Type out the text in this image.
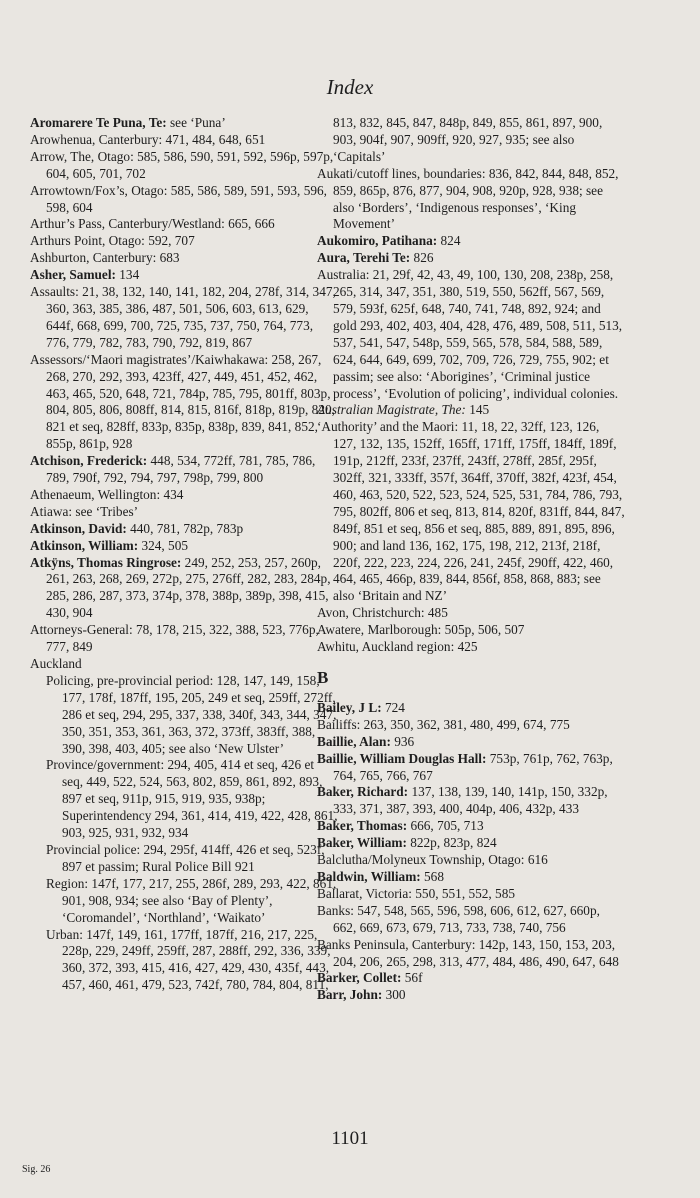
Index
Aromarere Te Puna, Te: see ‘Puna’
Arowhenua, Canterbury: 471, 484, 648, 651
Arrow, The, Otago: 585, 586, 590, 591, 592, 596p, 597p, 604, 605, 701, 702
Arrowtown/Fox’s, Otago: 585, 586, 589, 591, 593, 596, 598, 604
Arthur’s Pass, Canterbury/Westland: 665, 666
Arthurs Point, Otago: 592, 707
Ashburton, Canterbury: 683
Asher, Samuel: 134
Assaults: 21, 38, 132, 140, 141, 182, 204, 278f, 314, 347, 360, 363, 385, 386, 487, 501, 506, 603, 613, 629, 644f, 668, 699, 700, 725, 735, 737, 750, 764, 773, 776, 779, 782, 783, 790, 792, 819, 867
Assessors/‘Maori magistrates’/Kaiwhakawa: 258, 267, 268, 270, 292, 393, 423ff, 427, 449, 451, 452, 462, 463, 465, 520, 648, 721, 784p, 785, 795, 801ff, 803p, 804, 805, 806, 808ff, 814, 815, 816f, 818p, 819p, 820, 821 et seq, 828ff, 833p, 835p, 838p, 839, 841, 852, 855p, 861p, 928
Atchison, Frederick: 448, 534, 772ff, 781, 785, 786, 789, 790f, 792, 794, 797, 798p, 799, 800
Athenaeum, Wellington: 434
Atiawa: see ‘Tribes’
Atkinson, David: 440, 781, 782p, 783p
Atkinson, William: 324, 505
Atkÿns, Thomas Ringrose: 249, 252, 253, 257, 260p, 261, 263, 268, 269, 272p, 275, 276ff, 282, 283, 284p, 285, 286, 287, 373, 374p, 378, 388p, 389p, 398, 415, 430, 904
Attorneys-General: 78, 178, 215, 322, 388, 523, 776p, 777, 849
Auckland
Policing, pre-provincial period: 128, 147, 149, 158, 177, 178f, 187ff, 195, 205, 249 et seq, 259ff, 272ff, 286 et seq, 294, 295, 337, 338, 340f, 343, 344, 347, 350, 351, 353, 361, 363, 372, 373ff, 383ff, 388, 390, 398, 403, 405; see also ‘New Ulster’
Province/government: 294, 405, 414 et seq, 426 et seq, 449, 522, 524, 563, 802, 859, 861, 892, 893, 897 et seq, 911p, 915, 919, 935, 938p; Superintendency 294, 361, 414, 419, 422, 428, 861, 903, 925, 931, 932, 934
Provincial police: 294, 295f, 414ff, 426 et seq, 523f, 897 et passim; Rural Police Bill 921
Region: 147f, 177, 217, 255, 286f, 289, 293, 422, 861, 901, 908, 934; see also ‘Bay of Plenty’, ‘Coromandel’, ‘Northland’, ‘Waikato’
Urban: 147f, 149, 161, 177ff, 187ff, 216, 217, 225, 228p, 229, 249ff, 259ff, 287, 288ff, 292, 336, 339, 360, 372, 393, 415, 416, 427, 429, 430, 435f, 443, 457, 460, 461, 479, 523, 742f, 780, 784, 804, 811,
813, 832, 845, 847, 848p, 849, 855, 861, 897, 900, 903, 904f, 907, 909ff, 920, 927, 935; see also ‘Capitals’
Aukati/cutoff lines, boundaries: 836, 842, 844, 848, 852, 859, 865p, 876, 877, 904, 908, 920p, 928, 938; see also ‘Borders’, ‘Indigenous responses’, ‘King Movement’
Aukomiro, Patihana: 824
Aura, Terehi Te: 826
Australia: 21, 29f, 42, 43, 49, 100, 130, 208, 238p, 258, 265, 314, 347, 351, 380, 519, 550, 562ff, 567, 569, 579, 593f, 625f, 648, 740, 741, 748, 892, 924; and gold 293, 402, 403, 404, 428, 476, 489, 508, 511, 513, 537, 541, 547, 548p, 559, 565, 578, 584, 588, 589, 624, 644, 649, 699, 702, 709, 726, 729, 755, 902; et passim; see also: ‘Aborigines’, ‘Criminal justice process’, ‘Evolution of policing’, individual colonies.
Australian Magistrate, The: 145
‘Authority’ and the Maori: 11, 18, 22, 32ff, 123, 126, 127, 132, 135, 152ff, 165ff, 171ff, 175ff, 184ff, 189f, 191p, 212ff, 233f, 237ff, 243ff, 278ff, 285f, 295f, 302ff, 321, 333ff, 357f, 364ff, 370ff, 382f, 423f, 454, 460, 463, 520, 522, 523, 524, 525, 531, 784, 786, 793, 795, 802ff, 806 et seq, 813, 814, 820f, 831ff, 844, 847, 849f, 851 et seq, 856 et seq, 885, 889, 891, 895, 896, 900; and land 136, 162, 175, 198, 212, 213f, 218f, 220f, 222, 223, 224, 226, 241, 245f, 290ff, 422, 460, 464, 465, 466p, 839, 844, 856f, 858, 868, 883; see also ‘Britain and NZ’
Avon, Christchurch: 485
Awatere, Marlborough: 505p, 506, 507
Awhitu, Auckland region: 425
B
Bailey, J L: 724
Bailiffs: 263, 350, 362, 381, 480, 499, 674, 775
Baillie, Alan: 936
Baillie, William Douglas Hall: 753p, 761p, 762, 763p, 764, 765, 766, 767
Baker, Richard: 137, 138, 139, 140, 141p, 150, 332p, 333, 371, 387, 393, 400, 404p, 406, 432p, 433
Baker, Thomas: 666, 705, 713
Baker, William: 822p, 823p, 824
Balclutha/Molyneux Township, Otago: 616
Baldwin, William: 568
Ballarat, Victoria: 550, 551, 552, 585
Banks: 547, 548, 565, 596, 598, 606, 612, 627, 660p, 662, 669, 673, 679, 713, 733, 738, 740, 756
Banks Peninsula, Canterbury: 142p, 143, 150, 153, 203, 204, 206, 265, 298, 313, 477, 484, 486, 490, 647, 648
Barker, Collet: 56f
Barr, John: 300
1101
Sig. 26
